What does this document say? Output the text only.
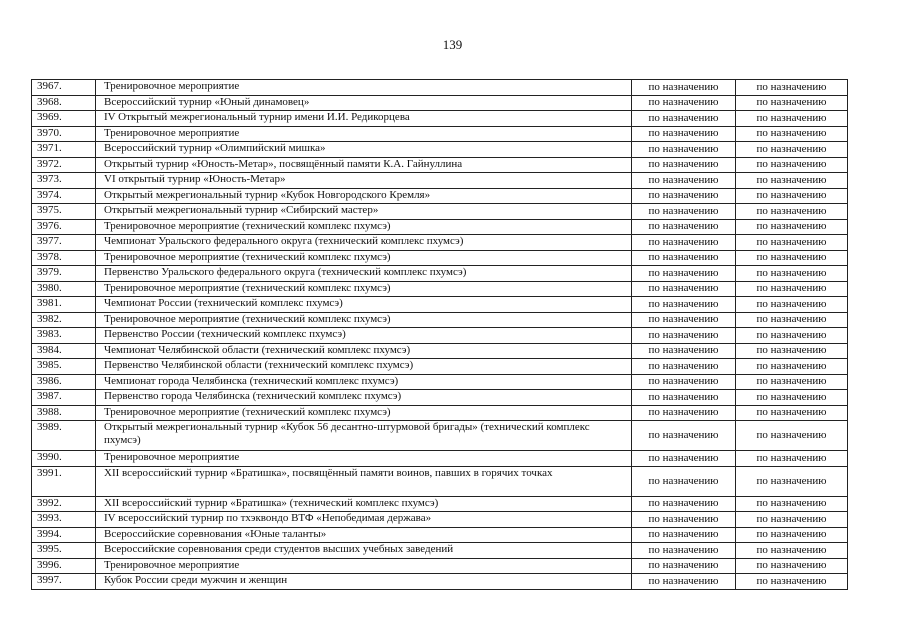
139
3967.	Тренировочное мероприятие	по назначению	по назначению
3968.	Всероссийский турнир «Юный динамовец»	по назначению	по назначению
3969.	IV Открытый межрегиональный турнир имени И.И. Редикорцева	по назначению	по назначению
3970.	Тренировочное мероприятие	по назначению	по назначению
3971.	Всероссийский турнир «Олимпийский мишка»	по назначению	по назначению
3972.	Открытый турнир «Юность-Метар», посвящённый памяти К.А. Гайнуллина	по назначению	по назначению
3973.	VI открытый турнир «Юность-Метар»	по назначению	по назначению
3974.	Открытый межрегиональный турнир «Кубок Новгородского Кремля»	по назначению	по назначению
3975.	Открытый межрегиональный турнир «Сибирский мастер»	по назначению	по назначению
3976.	Тренировочное мероприятие (технический комплекс пхумсэ)	по назначению	по назначению
3977.	Чемпионат Уральского федерального округа (технический комплекс пхумсэ)	по назначению	по назначению
3978.	Тренировочное мероприятие (технический комплекс пхумсэ)	по назначению	по назначению
3979.	Первенство Уральского федерального округа (технический комплекс пхумсэ)	по назначению	по назначению
3980.	Тренировочное мероприятие (технический комплекс пхумсэ)	по назначению	по назначению
3981.	Чемпионат России (технический комплекс пхумсэ)	по назначению	по назначению
3982.	Тренировочное мероприятие (технический комплекс пхумсэ)	по назначению	по назначению
3983.	Первенство России (технический комплекс пхумсэ)	по назначению	по назначению
3984.	Чемпионат Челябинской области (технический комплекс пхумсэ)	по назначению	по назначению
3985.	Первенство Челябинской области (технический комплекс пхумсэ)	по назначению	по назначению
3986.	Чемпионат города Челябинска (технический комплекс пхумсэ)	по назначению	по назначению
3987.	Первенство города Челябинска (технический комплекс пхумсэ)	по назначению	по назначению
3988.	Тренировочное мероприятие (технический комплекс пхумсэ)	по назначению	по назначению
3989.	Открытый межрегиональный турнир «Кубок 56 десантно-штурмовой бригады» (технический комплекс пхумсэ)	по назначению	по назначению
3990.	Тренировочное мероприятие	по назначению	по назначению
3991.	XII всероссийский турнир «Братишка», посвящённый памяти воинов, павших в горячих точках	по назначению	по назначению
3992.	XII всероссийский турнир «Братишка» (технический комплекс пхумсэ)	по назначению	по назначению
3993.	IV всероссийский турнир по тхэквондо ВТФ «Непобедимая держава»	по назначению	по назначению
3994.	Всероссийские соревнования «Юные таланты»	по назначению	по назначению
3995.	Всероссийские соревнования среди студентов высших учебных заведений	по назначению	по назначению
3996.	Тренировочное мероприятие	по назначению	по назначению
3997.	Кубок России среди мужчин и женщин	по назначению	по назначению
